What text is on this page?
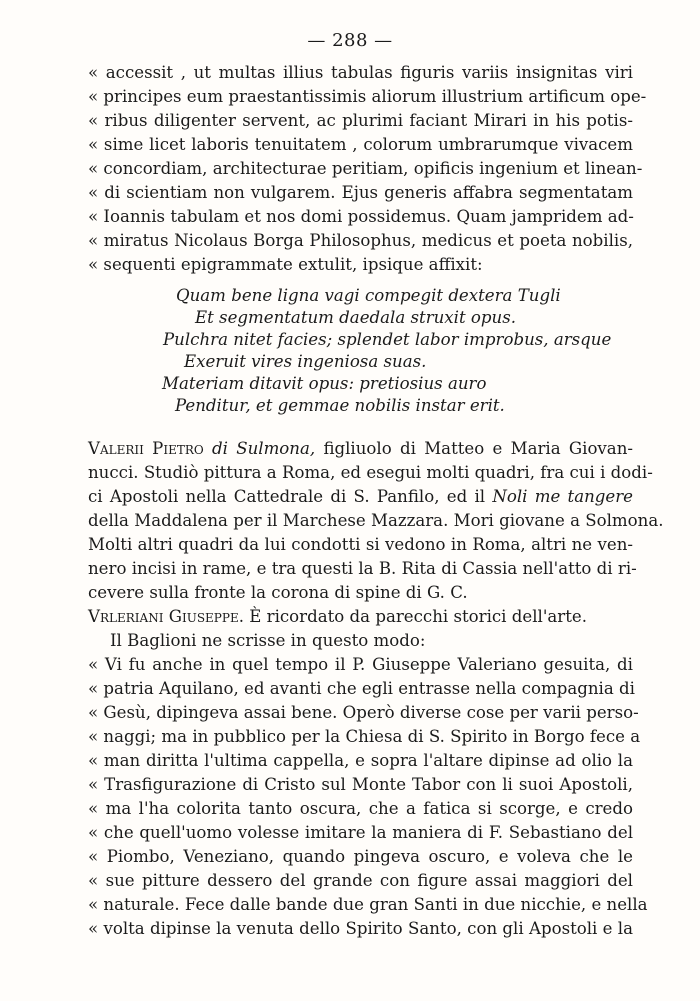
— 288 —
« accessit , ut multas illius tabulas figuris variis insignitas viri
« principes eum praestantissimis aliorum illustrium artificum ope-
« ribus diligenter servent, ac plurimi faciant Mirari in his potis-
« sime licet laboris tenuitatem , colorum umbrarumque vivacem
« concordiam, architecturae peritiam, opificis ingenium et linean-
« di scientiam non vulgarem. Ejus generis affabra segmentatam
« Ioannis tabulam et nos domi possidemus. Quam jampridem ad-
« miratus Nicolaus Borga Philosophus, medicus et poeta nobilis,
« sequenti epigrammate extulit, ipsique affixit:
Quam bene ligna vagi compegit dextera Tugli
Et segmentatum daedala struxit opus.
Pulchra nitet facies; splendet labor improbus, arsque
Exeruit vires ingeniosa suas.
Materiam ditavit opus: pretiosius auro
Penditur, et gemmae nobilis instar erit.
Valerii Pietro di Sulmona, figliuolo di Matteo e Maria Giovan-
nucci. Studiò pittura a Roma, ed esegui molti quadri, fra cui i dodi-
ci Apostoli nella Cattedrale di S. Panfilo, ed il Noli me tangere
della Maddalena per il Marchese Mazzara. Mori giovane a Solmona.
Molti altri quadri da lui condotti si vedono in Roma, altri ne ven-
nero incisi in rame, e tra questi la B. Rita di Cassia nell'atto di ri-
cevere sulla fronte la corona di spine di G. C.
Vrleriani Giuseppe. È ricordato da parecchi storici dell'arte.
Il Baglioni ne scrisse in questo modo:
« Vi fu anche in quel tempo il P. Giuseppe Valeriano gesuita, di
« patria Aquilano, ed avanti che egli entrasse nella compagnia di
« Gesù, dipingeva assai bene. Operò diverse cose per varii perso-
« naggi; ma in pubblico per la Chiesa di S. Spirito in Borgo fece a
« man diritta l'ultima cappella, e sopra l'altare dipinse ad olio la
« Trasfigurazione di Cristo sul Monte Tabor con li suoi Apostoli,
« ma l'ha colorita tanto oscura, che a fatica si scorge, e credo
« che quell'uomo volesse imitare la maniera di F. Sebastiano del
« Piombo, Veneziano, quando pingeva oscuro, e voleva che le
« sue pitture dessero del grande con figure assai maggiori del
« naturale. Fece dalle bande due gran Santi in due nicchie, e nella
« volta dipinse la venuta dello Spirito Santo, con gli Apostoli e la
